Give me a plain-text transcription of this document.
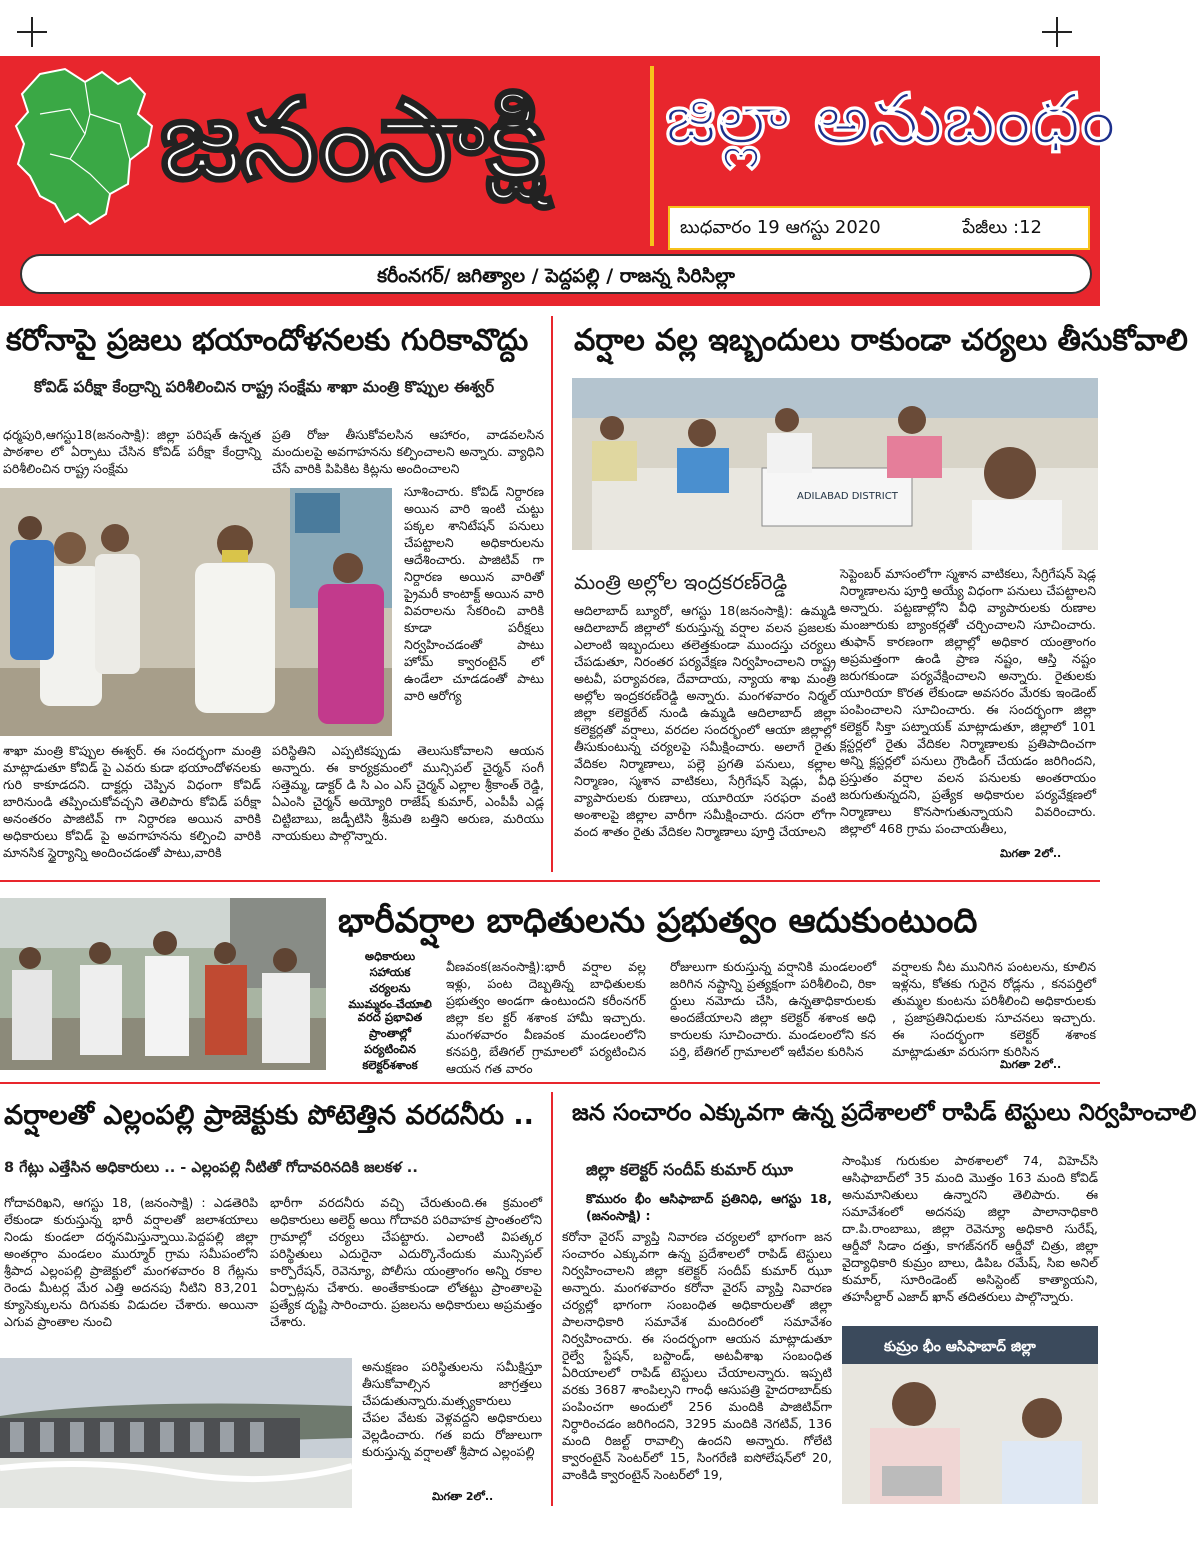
జనంసాక్షి జిల్లా అనుబంధం
బుధవారం 19 ఆగస్టు 2020	పేజీలు :12
కరీంనగర్/ జగిత్యాల / పెద్దపల్లి / రాజన్న సిరిసిల్లా
కరోనాపై ప్రజలు భయాందోళనలకు గురికావొద్దు
కోవిడ్ పరీక్షా కేంద్రాన్ని పరిశీలించిన రాష్ట్ర సంక్షేమ శాఖా మంత్రి కొప్పుల ఈశ్వర్
ధర్మపురి,ఆగస్టు18(జనంసాక్షి): జిల్లా పరిషత్ ఉన్నత పాఠశాల లో ఏర్పాటు చేసిన కోవిడ్ పరీక్షా కేంద్రాన్ని పరిశీలించిన రాష్ట్ర సంక్షేమ
శాఖా మంత్రి కొప్పుల ఈశ్వర్. ఈ సందర్భంగా మంత్రి మాట్లాడుతూ కోవిడ్ పై ఎవరు కుడా భయాందోళనలకు గురి కాకూడదని. దాక్టర్లు చెప్పిన విధంగా కోవిడ్ బారినుండి తప్పించుకోవచ్చని తెలిపారు కోవిడ్ పరీక్షా అనంతరం పాజిటివ్ గా నిర్దారణ అయిన వారికి అధికారులు కోవిడ్ పై అవగాహనను కల్పించి వారికి మానసిక స్థైర్యాన్ని అందించడంతో పాటు,వారికి
ప్రతి రోజు తీసుకోవలసిన ఆహారం, వాడవలసిన మందులపై అవగాహనను కల్పించాలని అన్నారు. వ్యాధిని చేసే వారికి పిపికిట కిట్లను అందించాలని
సూశించారు. కోవిడ్ నిర్దారణ అయిన వారి ఇంటి చుట్టు పక్కల శానిటేషన్ పనులు చేపట్టాలని అధికారులను ఆదేశించారు. పాజిటివ్ గా నిర్దారణ అయిన వారితో ప్రైమరీ కాంటాక్ట్ అయిన వారి వివరాలను సేకరించి వారికి కూడా పరీక్షలు నిర్వహించడంతో పాటు హోమ్ క్వారంటైన్ లో ఉండేలా చూడడంతో పాటు వారి ఆరోగ్య
పరిస్థితిని ఎప్పటికప్పుడు తెలుసుకోవాలని ఆయన అన్నారు. ఈ కార్యక్రమంలో మున్సిపల్ చైర్మన్ సంగీ సత్తెమ్మ, డాక్టర్ డి సి ఎం ఎస్ చైర్మన్ ఎల్లాల శ్రీకాంత్ రెడ్డి, ఏఎంసి చైర్మన్ అయ్యోరి రాజేష్ కుమార్, ఎంపీపీ ఎడ్ల చిట్టిబాబు, జడ్పీటిసి శ్రీమతి బత్తిని అరుణ, మరియు నాయకులు పాల్గొన్నారు.
వర్షాల వల్ల ఇబ్బందులు రాకుండా చర్యలు తీసుకోవాలి
ADILABAD DISTRICT
మంత్రి అల్లోల ఇంద్రకరణ్‌రెడ్డి
ఆదిలాబాద్ బ్యూరో, ఆగస్టు 18(జనంసాక్షి): ఉమ్మడి ఆదిలాబాద్ జిల్లాలో కురుస్తున్న వర్షాల వలన ప్రజలకు ఎలాంటి ఇబ్బందులు తలెత్తకుండా ముందస్తు చర్యలు చేపడుతూ, నిరంతర పర్యవేక్షణ నిర్వహించాలని రాష్ట్ర అటవీ, పర్యావరణ, దేవాదాయ, న్యాయ శాఖ మంత్రి అల్లోల ఇంద్రకరణ్‌రెడ్డి అన్నారు. మంగళవారం నిర్మల్ జిల్లా కలెక్టరేట్ నుండి ఉమ్మడి ఆదిలాబాద్ జిల్లా కలెక్టర్లతో వర్షాలు, వరదల సందర్భంలో ఆయా జిల్లాల్లో తీసుకుంటున్న చర్యలపై సమీక్షించారు. అలాగే రైతు వేదికల నిర్మాణాలు, పల్లె ప్రగతి పనులు, కల్లాల నిర్మాణం, స్మశాన వాటికలు, సేగ్రిగేషన్ షెడ్లు, వీధి వ్యాపారులకు రుణాలు, యూరియా సరఫరా వంటి అంశాలపై జిల్లాల వారీగా సమీక్షించారు. దసరా లోగా వంద శాతం రైతు వేదికల నిర్మాణాలు పూర్తి చేయాలని
సెప్టెంబర్ మాసంలోగా స్మశాన వాటికలు, సేగ్రిగేషన్ షెడ్ల నిర్మాణాలను పూర్తి అయ్యే విధంగా పనులు చేపట్టాలని అన్నారు. పట్టణాల్లోని వీధి వ్యాపారులకు రుణాల మంజూరుకు బ్యాంకర్లతో చర్చించాలని సూచించారు. తుఫాన్ కారణంగా జిల్లాల్లో అధికార యంత్రాంగం అప్రమత్తంగా ఉండి ప్రాణ నష్టం, ఆస్తి నష్టం జరుగకుండా పర్యవేక్షించాలని అన్నారు. రైతులకు యూరియా కొరత లేకుండా అవసరం మేరకు ఇండెంట్ పంపించాలని సూచించారు. ఈ సందర్భంగా జిల్లా కలెక్టర్ సిక్తా పట్నాయక్ మాట్లాడుతూ, జిల్లాలో 101 క్లస్టర్లలో రైతు వేదికల నిర్మాణాలకు ప్రతిపాదించగా అన్ని క్లస్టర్లలో పనులు గ్రౌండింగ్ చేయడం జరిగిందని, ప్రస్తుతం వర్షాల వలన పనులకు అంతరాయం జరుగుతున్నదని, ప్రత్యేక అధికారుల పర్యవేక్షణలో నిర్మాణాలు కొనసాగుతున్నాయని వివరించారు. జిల్లాలో 468 గ్రామ పంచాయతీలు,
మిగతా 2లో..
భారీవర్షాల బాధితులను ప్రభుత్వం ఆదుకుంటుంది
అధికారులు సహాయక చర్యలను ముమ్మరం చేయాలి
వరద ప్రభావిత ప్రాంతాల్లో పర్యటించిన కలెక్టర్‌శశాంక
వీణవంక(జనంసాక్షి):భారీ వర్షాల వల్ల ఇళ్లు, పంట దెబ్బతిన్న బాధితులకు ప్రభుత్వం అండగా ఉంటుందని కరీంనగర్ జిల్లా కల క్టర్ శశాంక హామీ ఇచ్చారు. మంగళవారం వీణవంక మండలంలోని కనపర్తి, బేతిగల్ గ్రామాలలో పర్యటించిన ఆయన గత వారం
రోజులుగా కురుస్తున్న వర్షానికి మండలంలో జరిగిన నష్టాన్ని ప్రత్యక్షంగా పరిశీలించి, రికా ర్డులు నమోదు చేసి, ఉన్నతాధికారులకు అందజేయాలని జిల్లా కలెక్టర్ శశాంక అధి కారులకు సూచించారు. మండలంలోని కన పర్తి, బేతిగల్ గ్రామాలలో ఇటీవల కురిసిన
వర్షాలకు నీట మునిగిన పంటలను, కూలిన ఇళ్లను, కోతకు గురైన రోడ్లను , కనపర్తిలో తుమ్మల కుంటను పరిశీలించి అధికారులకు , ప్రజాప్రతినిధులకు సూచనలు ఇచ్చారు. ఈ సందర్భంగా కలెక్టర్ శశాంక మాట్లాడుతూ వరుసగా కురిసిన
మిగతా 2లో..
వర్షాలతో ఎల్లంపల్లి ప్రాజెక్టుకు పోటెత్తిన వరదనీరు ..
8 గేట్లు ఎత్తేసిన అధికారులు .. - ఎల్లంపల్లి నీటితో గోదావరినదికి జలకళ ..
గోదావరిఖని, ఆగస్టు 18, (జనంసాక్షి) : ఎడతెరిపి లేకుండా కురుస్తున్న భారీ వర్షాలతో జలాశయాలు నిండు కుండలా దర్శనమిస్తున్నాయి.పెద్దపల్లి జిల్లా అంతర్గాం మండలం ముర్మూర్ గ్రామ సమీపంలోని శ్రీపాద ఎల్లంపల్లి ప్రాజెక్టులో మంగళవారం 8 గేట్లను రెండు మీటర్ల మేర ఎత్తి అదనపు నీటిని 83,201 క్యూసెక్కులను దిగువకు విడుదల చేశారు. అయినా ఎగువ ప్రాంతాల నుంచి
భారీగా వరదనీరు వచ్చి చేరుతుంది.ఈ క్రమంలో అధికారులు అలెర్ట్ అయి గోదావరి పరివాహక ప్రాంతంలోని గ్రామాల్లో చర్యలు చేపట్టారు. ఎలాంటి విపత్కర పరిస్థితులు ఎదురైనా ఎదుర్కొనేందుకు మున్సిపల్ కార్పొరేషన్, రెవెన్యూ, పోలీసు యంత్రాంగం అన్ని రకాల ఏర్పాట్లను చేశారు. అంతేకాకుండా లోతట్టు ప్రాంతాలపై ప్రత్యేక దృష్టి సారించారు. ప్రజలను అధికారులు అప్రమత్తం చేశారు.
అనుక్షణం పరిస్థితులను సమీక్షిస్తూ తీసుకోవాల్సిన జాగ్రత్తలు చేపడుతున్నారు.మత్స్యకారులు చేపల వేటకు వెళ్లవద్దని అధికారులు వెల్లడించారు. గత ఐదు రోజులుగా కురుస్తున్న వర్షాలతో శ్రీపాద ఎల్లంపల్లి
మిగతా 2లో..
జన సంచారం ఎక్కువగా ఉన్న ప్రదేశాలలో రాపిడ్ టెస్టులు నిర్వహించాలి
జిల్లా కలెక్టర్ సందీప్ కుమార్ ఝూ
కొమురం భీం ఆసిఫాబాద్ ప్రతినిధి, ఆగస్టు 18, (జనంసాక్షి) :
కరోనా వైరస్ వ్యాప్తి నివారణ చర్యలలో భాగంగా జన సంచారం ఎక్కువగా ఉన్న ప్రదేశాలలో రాపిడ్ టెస్టులు నిర్వహించాలని జిల్లా కలెక్టర్ సందీప్ కుమార్ ఝూ అన్నారు. మంగళవారం కరోనా వైరస్ వ్యాప్తి నివారణ చర్యల్లో భాగంగా సంబంధిత అధికారులతో జిల్లా పాలనాధికారి సమావేశ మందిరంలో సమావేశం నిర్వహించారు. ఈ సందర్భంగా ఆయన మాట్లాడుతూ రైల్వే స్టేషన్, బస్టాండ్, అటవీశాఖ సంబంధిత ఏరియాలలో రాపిడ్ టెస్టులు చేయాలన్నారు. ఇప్పటి వరకు 3687 శాంపిల్సని గాంధీ ఆసుపత్రి హైదరాబాద్‌కు పంపించగా అందులో 256 మందికి పాజిటివ్‌గా నిర్ధారించడం జరిగిందని, 3295 మందికి నెగటివ్, 136 మంది రిజల్ట్ రావాల్సి ఉందని అన్నారు. గోలేటి క్వారంటైన్ సెంటర్‌లో 15, సింగరేణి ఐసోలేషన్‌లో 20, వాంకిడి క్వారంటైన్ సెంటర్‌లో 19,
సాంఘిక గురుకుల పాఠశాలలో 74, విహెచ్‌సి ఆసిఫాబాద్‌లో 35 మంది మొత్తం 163 మంది కోవిడ్ అనుమానితులు ఉన్నారని తెలిపారు. ఈ సమావేశంలో అదనపు జిల్లా పాలానాధికారి దా.పి.రాంబాబు, జిల్లా రెవెన్యూ అధికారి సురేష్, ఆర్డీవో సిడాం దత్తు, కాగజ్‌నగర్ ఆర్డీవో చిత్రు, జిల్లా వైద్యాధికారి కుమ్రం బాలు, డిపిఒ రమేష్, సిఐ అనిల్ కుమార్, సూరిండెంట్ అసిస్టెంట్ కాత్యాయని, తహసీల్దార్ ఎజాద్ ఖాన్ తదితరులు పాల్గొన్నారు.
కుమ్రం భీం ఆసిఫాబాద్ జిల్లా
